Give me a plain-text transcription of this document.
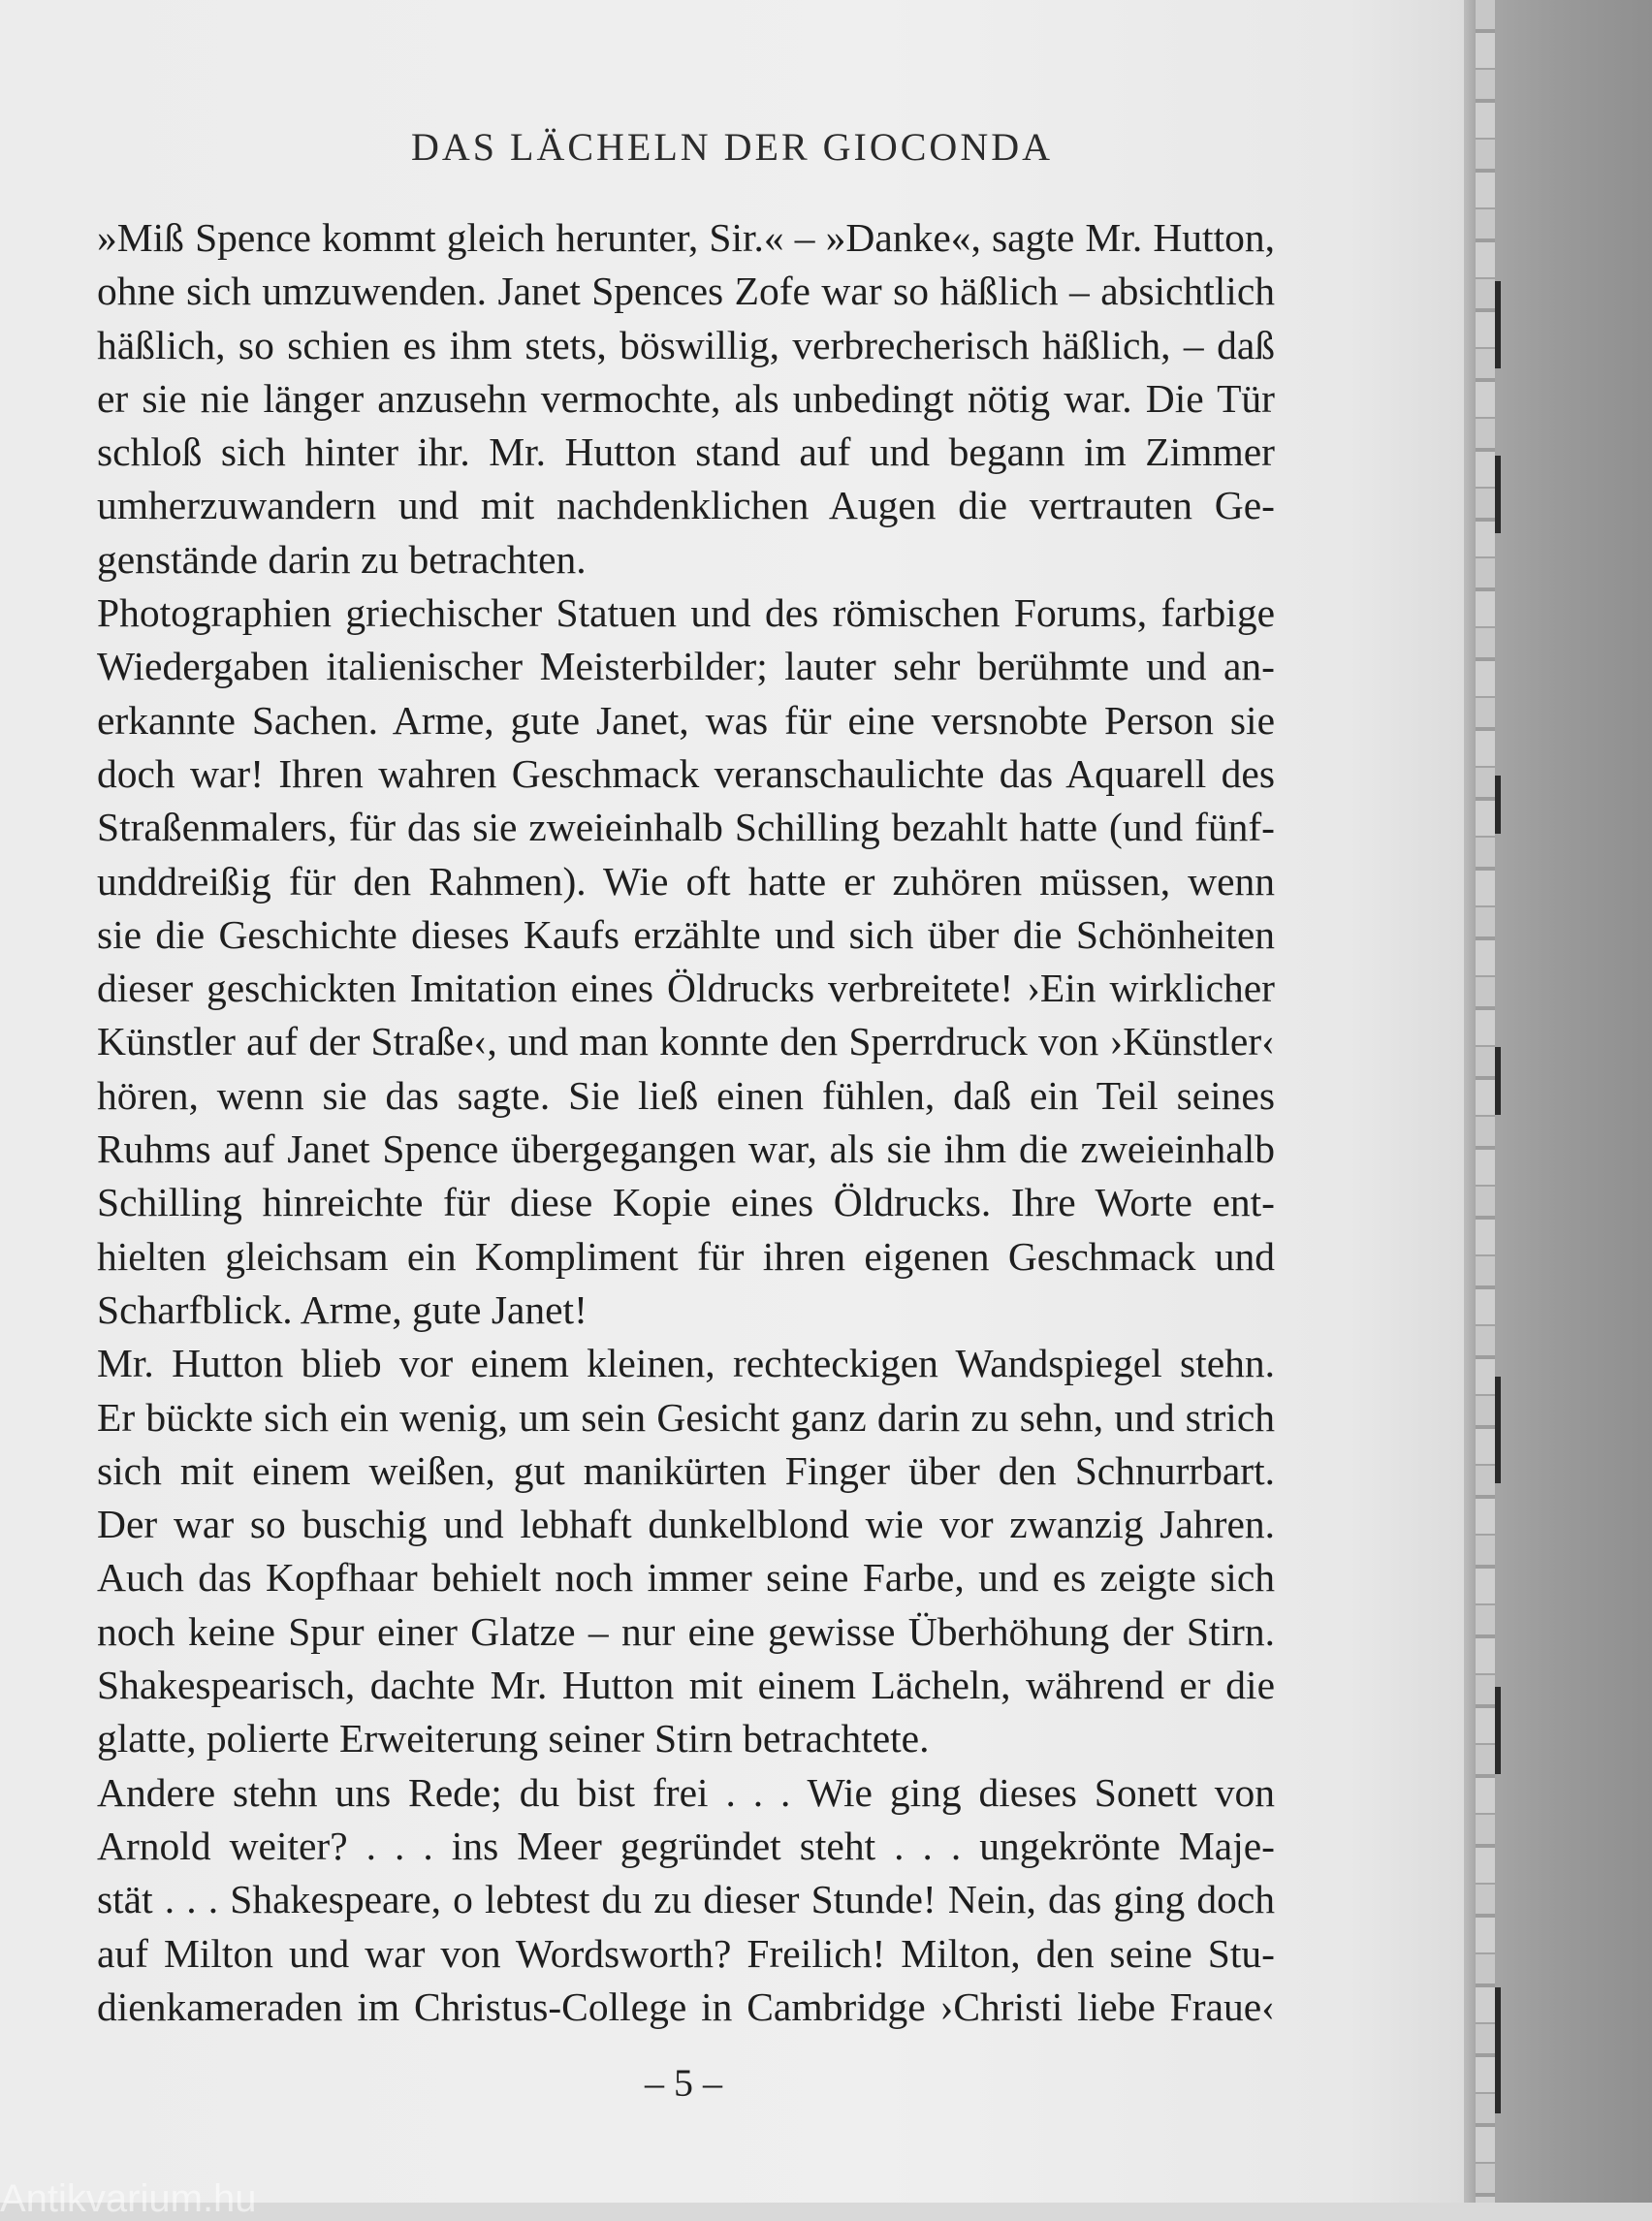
DAS LÄCHELN DER GIOCONDA
»Miß Spence kommt gleich herunter, Sir.« – »Danke«, sagte Mr. Hutton,
ohne sich umzuwenden. Janet Spences Zofe war so häßlich – absichtlich
häßlich, so schien es ihm stets, böswillig, verbrecherisch häßlich, – daß
er sie nie länger anzusehn vermochte, als unbedingt nötig war. Die Tür
schloß sich hinter ihr. Mr. Hutton stand auf und begann im Zimmer
umherzuwandern und mit nachdenklichen Augen die vertrauten Ge-
genstände darin zu betrachten.
Photographien griechischer Statuen und des römischen Forums, farbige
Wiedergaben italienischer Meisterbilder; lauter sehr berühmte und an-
erkannte Sachen. Arme, gute Janet, was für eine versnobte Person sie
doch war! Ihren wahren Geschmack veranschaulichte das Aquarell des
Straßenmalers, für das sie zweieinhalb Schilling bezahlt hatte (und fünf-
unddreißig für den Rahmen). Wie oft hatte er zuhören müssen, wenn
sie die Geschichte dieses Kaufs erzählte und sich über die Schönheiten
dieser geschickten Imitation eines Öldrucks verbreitete! ›Ein wirklicher
Künstler auf der Straße‹, und man konnte den Sperrdruck von ›Künstler‹
hören, wenn sie das sagte. Sie ließ einen fühlen, daß ein Teil seines
Ruhms auf Janet Spence übergegangen war, als sie ihm die zweieinhalb
Schilling hinreichte für diese Kopie eines Öldrucks. Ihre Worte ent-
hielten gleichsam ein Kompliment für ihren eigenen Geschmack und
Scharfblick. Arme, gute Janet!
Mr. Hutton blieb vor einem kleinen, rechteckigen Wandspiegel stehn.
Er bückte sich ein wenig, um sein Gesicht ganz darin zu sehn, und strich
sich mit einem weißen, gut manikürten Finger über den Schnurrbart.
Der war so buschig und lebhaft dunkelblond wie vor zwanzig Jahren.
Auch das Kopfhaar behielt noch immer seine Farbe, und es zeigte sich
noch keine Spur einer Glatze – nur eine gewisse Überhöhung der Stirn.
Shakespearisch, dachte Mr. Hutton mit einem Lächeln, während er die
glatte, polierte Erweiterung seiner Stirn betrachtete.
Andere stehn uns Rede; du bist frei . . . Wie ging dieses Sonett von
Arnold weiter? . . . ins Meer gegründet steht . . . ungekrönte Maje-
stät . . . Shakespeare, o lebtest du zu dieser Stunde! Nein, das ging doch
auf Milton und war von Wordsworth? Freilich! Milton, den seine Stu-
dienkameraden im Christus-College in Cambridge ›Christi liebe Fraue‹
– 5 –
Antikvarium.hu
